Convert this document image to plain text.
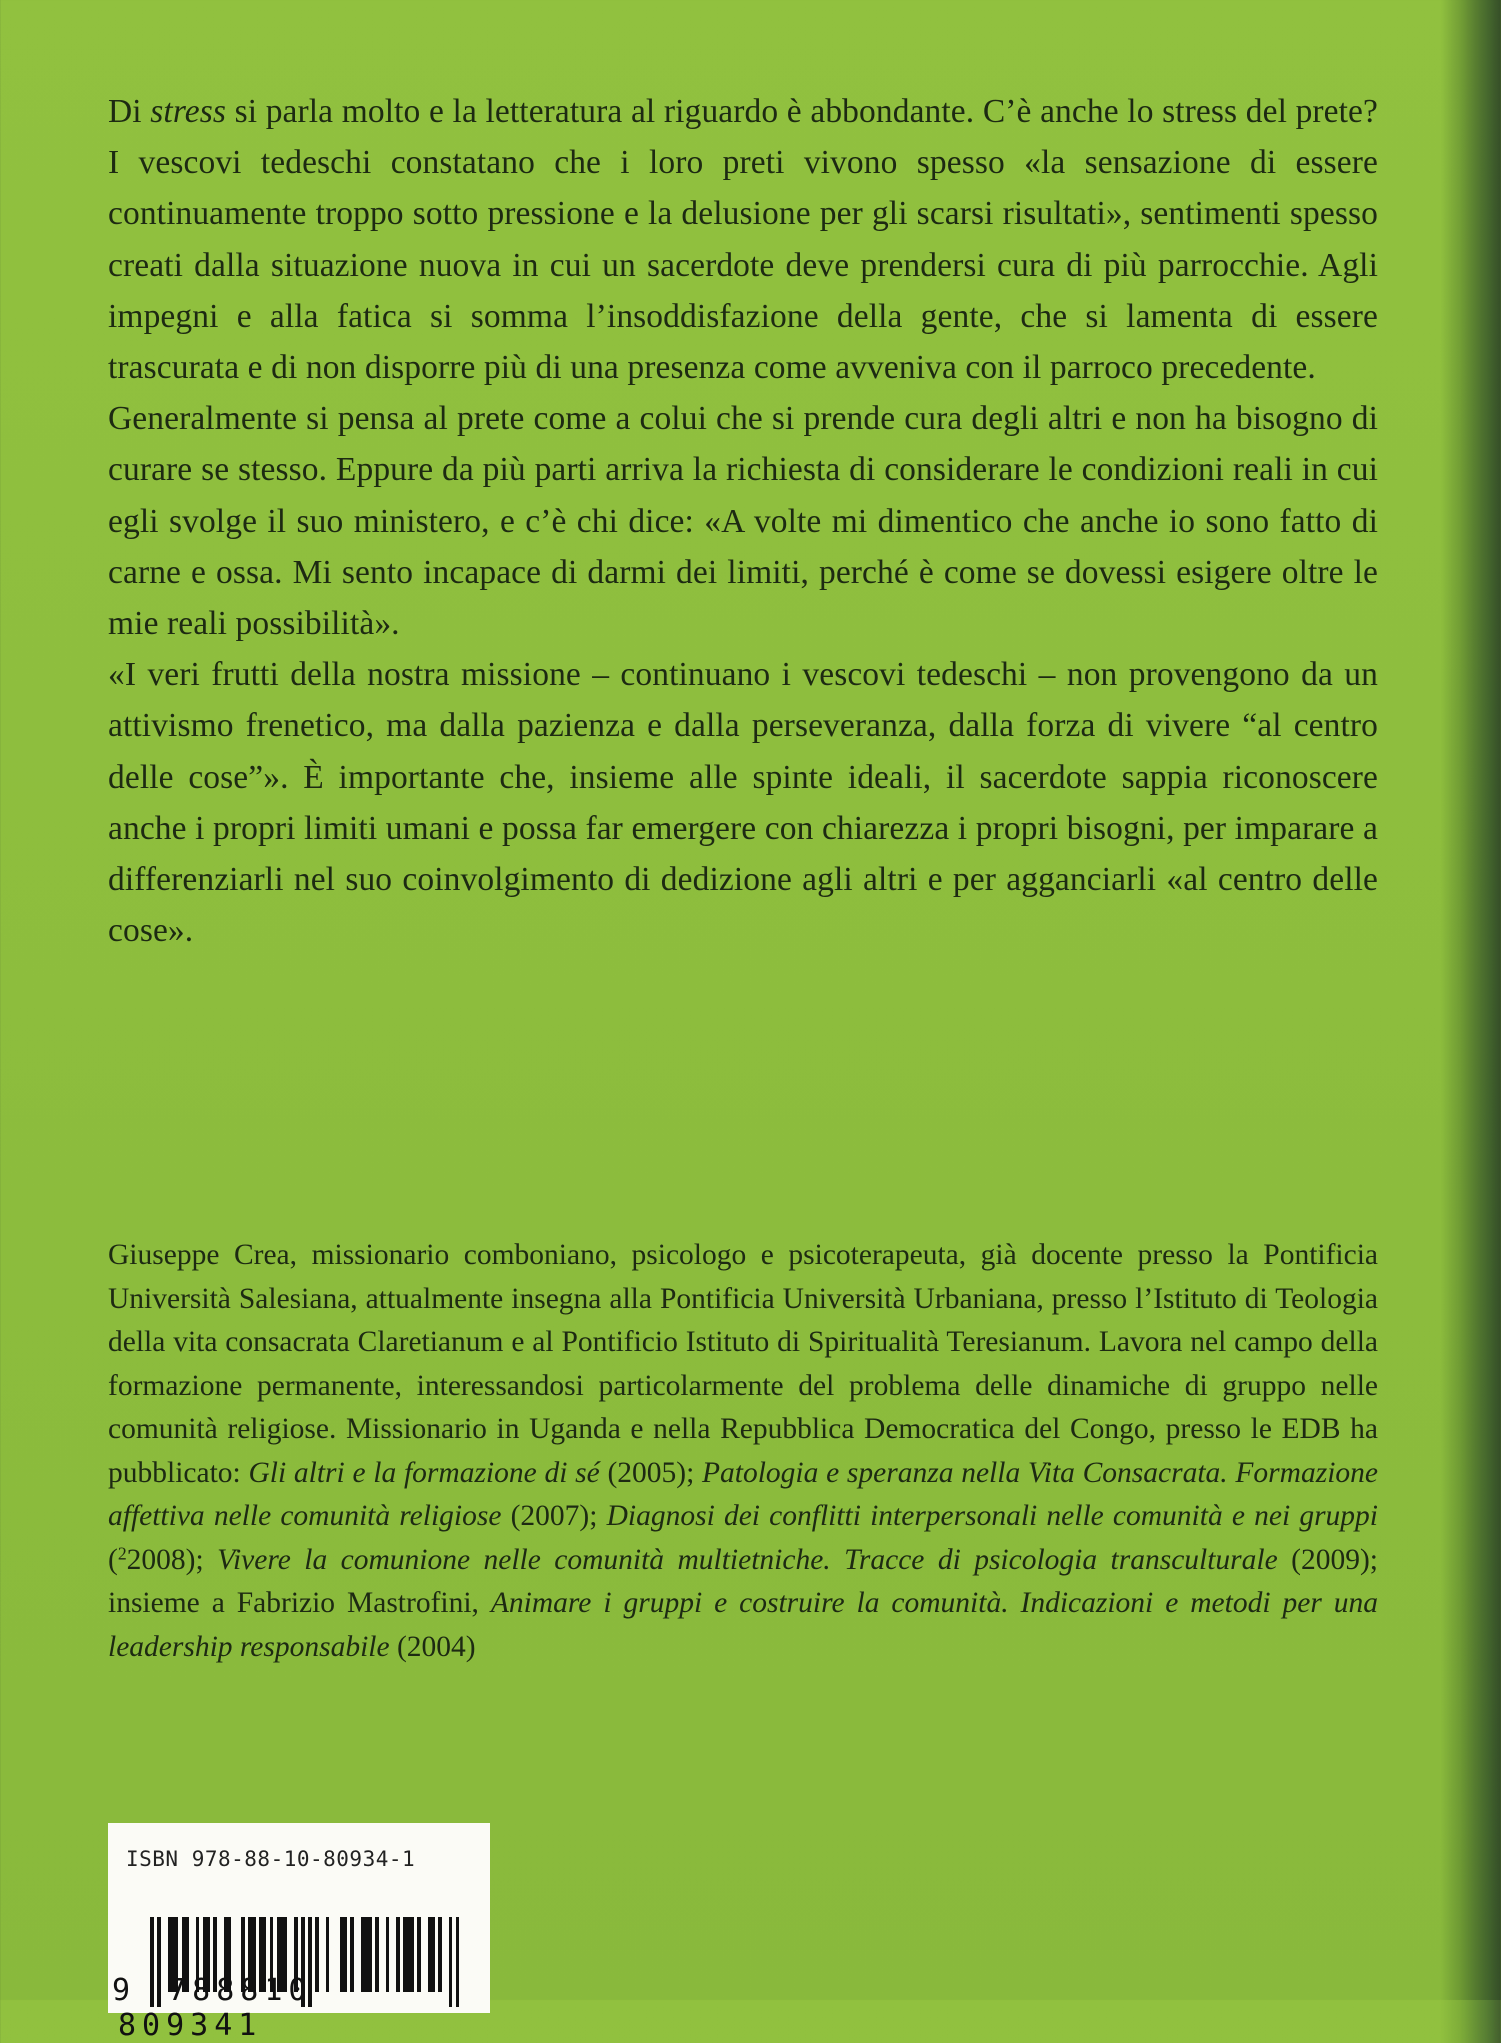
Di stress si parla molto e la letteratura al riguardo è abbondante. C’è anche lo stress del prete? I vescovi tedeschi constatano che i loro preti vivono spesso «la sensazione di essere continuamente troppo sotto pressione e la delusione per gli scarsi risultati», sentimenti spesso creati dalla situazione nuova in cui un sacerdote deve prendersi cura di più parrocchie. Agli impegni e alla fatica si somma l’insoddisfazione della gente, che si lamenta di essere trascurata e di non disporre più di una presenza come avveniva con il parroco precedente.

Generalmente si pensa al prete come a colui che si prende cura degli altri e non ha bisogno di curare se stesso. Eppure da più parti arriva la richiesta di considerare le condizioni reali in cui egli svolge il suo ministero, e c’è chi dice: «A volte mi dimentico che anche io sono fatto di carne e ossa. Mi sento incapace di darmi dei limiti, perché è come se dovessi esigere oltre le mie reali possibilità».

«I veri frutti della nostra missione – continuano i vescovi tedeschi – non provengono da un attivismo frenetico, ma dalla pazienza e dalla perseveranza, dalla forza di vivere “al centro delle cose”». È importante che, insieme alle spinte ideali, il sacerdote sappia riconoscere anche i propri limiti umani e possa far emergere con chiarezza i propri bisogni, per imparare a differenziarli nel suo coinvolgimento di dedizione agli altri e per agganciarli «al centro delle cose».

Giuseppe Crea, missionario comboniano, psicologo e psicoterapeuta, già docente presso la Pontificia Università Salesiana, attualmente insegna alla Pontificia Università Urbaniana, presso l’Istituto di Teologia della vita consacrata Claretianum e al Pontificio Istituto di Spiritualità Teresianum. Lavora nel campo della formazione permanente, interessandosi particolarmente del problema delle dinamiche di gruppo nelle comunità religiose. Missionario in Uganda e nella Repubblica Democratica del Congo, presso le EDB ha pubblicato: Gli altri e la formazione di sé (2005); Patologia e speranza nella Vita Consacrata. Formazione affettiva nelle comunità religiose (2007); Diagnosi dei conflitti interpersonali nelle comunità e nei gruppi ($^2$2008); Vivere la comunione nelle comunità multietniche. Tracce di psicologia transculturale (2009); insieme a Fabrizio Mastrofini, Animare i gruppi e costruire la comunità. Indicazioni e metodi per una leadership responsabile (2004)

ISBN 978-88-10-80934-1
9 788810 809341
